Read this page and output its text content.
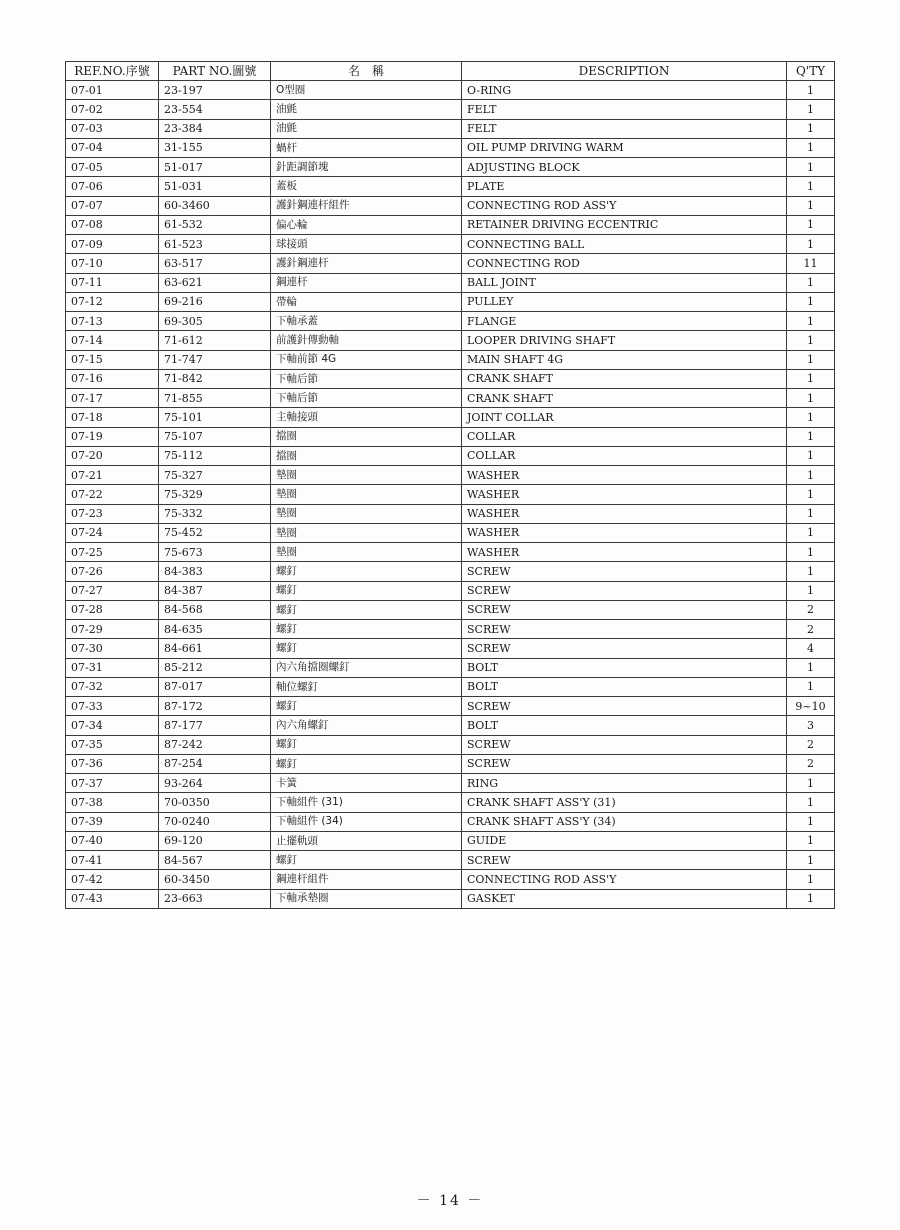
REF.NO.序號	PART NO.圖號	名　稱	DESCRIPTION	Q'TY
07-01	23-197	O型圈	O-RING	1
07-02	23-554	油氈	FELT	1
07-03	23-384	油氈	FELT	1
07-04	31-155	蝸杆	OIL PUMP DRIVING WARM	1
07-05	51-017	針距調節塊	ADJUSTING BLOCK	1
07-06	51-031	蓋板	PLATE	1
07-07	60-3460	護針鋼連杆組件	CONNECTING ROD ASS'Y	1
07-08	61-532	偏心輪	RETAINER DRIVING ECCENTRIC	1
07-09	61-523	球接頭	CONNECTING BALL	1
07-10	63-517	護針鋼連杆	CONNECTING ROD	11
07-11	63-621	鋼連杆	BALL JOINT	1
07-12	69-216	帶輪	PULLEY	1
07-13	69-305	下軸承蓋	FLANGE	1
07-14	71-612	前護針傳動軸	LOOPER DRIVING SHAFT	1
07-15	71-747	下軸前節 4G	MAIN SHAFT 4G	1
07-16	71-842	下軸后節	CRANK SHAFT	1
07-17	71-855	下軸后節	CRANK SHAFT	1
07-18	75-101	主軸接頭	JOINT COLLAR	1
07-19	75-107	擋圈	COLLAR	1
07-20	75-112	擋圈	COLLAR	1
07-21	75-327	墊圈	WASHER	1
07-22	75-329	墊圈	WASHER	1
07-23	75-332	墊圈	WASHER	1
07-24	75-452	墊圈	WASHER	1
07-25	75-673	墊圈	WASHER	1
07-26	84-383	螺釘	SCREW	1
07-27	84-387	螺釘	SCREW	1
07-28	84-568	螺釘	SCREW	2
07-29	84-635	螺釘	SCREW	2
07-30	84-661	螺釘	SCREW	4
07-31	85-212	內六角擋圈螺釘	BOLT	1
07-32	87-017	軸位螺釘	BOLT	1
07-33	87-172	螺釘	SCREW	9~10
07-34	87-177	內六角螺釘	BOLT	3
07-35	87-242	螺釘	SCREW	2
07-36	87-254	螺釘	SCREW	2
07-37	93-264	卡簧	RING	1
07-38	70-0350	下軸組件 (31)	CRANK SHAFT ASS'Y (31)	1
07-39	70-0240	下軸組件 (34)	CRANK SHAFT ASS'Y (34)	1
07-40	69-120	止擺軌頭	GUIDE	1
07-41	84-567	螺釘	SCREW	1
07-42	60-3450	鋼連杆組件	CONNECTING ROD ASS'Y	1
07-43	23-663	下軸承墊圈	GASKET	1
－ 14 －
